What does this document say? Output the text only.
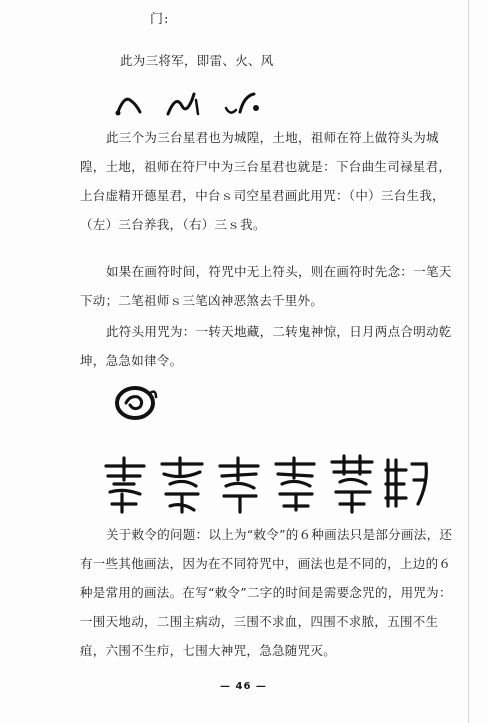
门:

此为三将军，即雷、火、风

此三个为三台星君也为城隍，土地，祖师在符上做符头为城隍，土地，祖师在符尸中为三台星君也就是：下台曲生司禄星君，上台虚精开德星君，中台ｓ司空星君画此用咒：（中）三台生我，（左）三台养我，（右）三ｓ我。

如果在画符时间，符咒中无上符头，则在画符时先念：一笔天下动；二笔祖师ｓ三笔凶神恶煞去千里外。

此符头用咒为：一转天地藏，二转鬼神惊，日月两点合明动乾坤，急急如律令。

关于敕令的问题：以上为“敕令”的６种画法只是部分画法，还有一些其他画法，因为在不同符咒中，画法也是不同的，上边的６种是常用的画法。在写“敕令”二字的时间是需要念咒的，用咒为：一围天地动，二围主病动，三围不求血，四围不求脓，五围不生疽，六围不生疖，七围大神咒，急急随咒灭。

— 46 —
